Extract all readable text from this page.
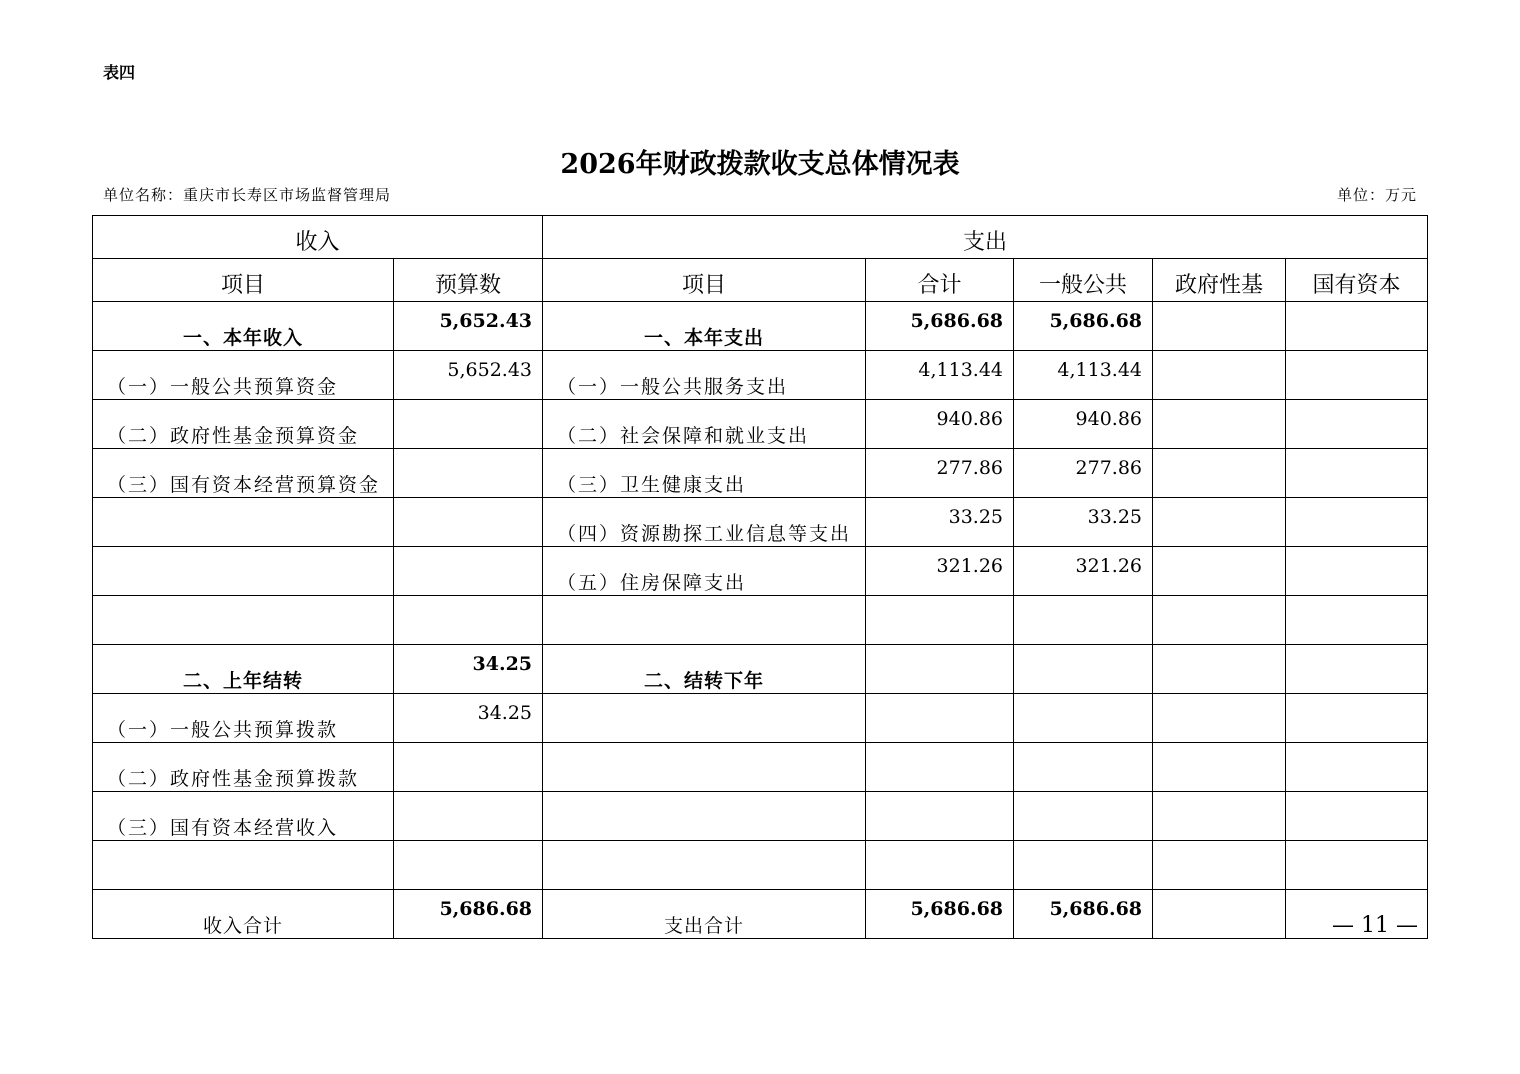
表四
2026年财政拨款收支总体情况表
单位名称：重庆市长寿区市场监督管理局	单位：万元
收入		支出				
项目	预算数	项目	合计	一般公共	政府性基	国有资本
一、本年收入	5,652.43	一、本年支出	5,686.68	5,686.68		
（一）一般公共预算资金	5,652.43	（一）一般公共服务支出	4,113.44	4,113.44		
（二）政府性基金预算资金		（二）社会保障和就业支出	940.86	940.86		
（三）国有资本经营预算资金		（三）卫生健康支出	277.86	277.86		
		（四）资源勘探工业信息等支出	33.25	33.25		
		（五）住房保障支出	321.26	321.26		

二、上年结转	34.25	二、结转下年				
（一）一般公共预算拨款	34.25					
（二）政府性基金预算拨款						
（三）国有资本经营收入						

收入合计	5,686.68	支出合计	5,686.68	5,686.68		
— 11 —
